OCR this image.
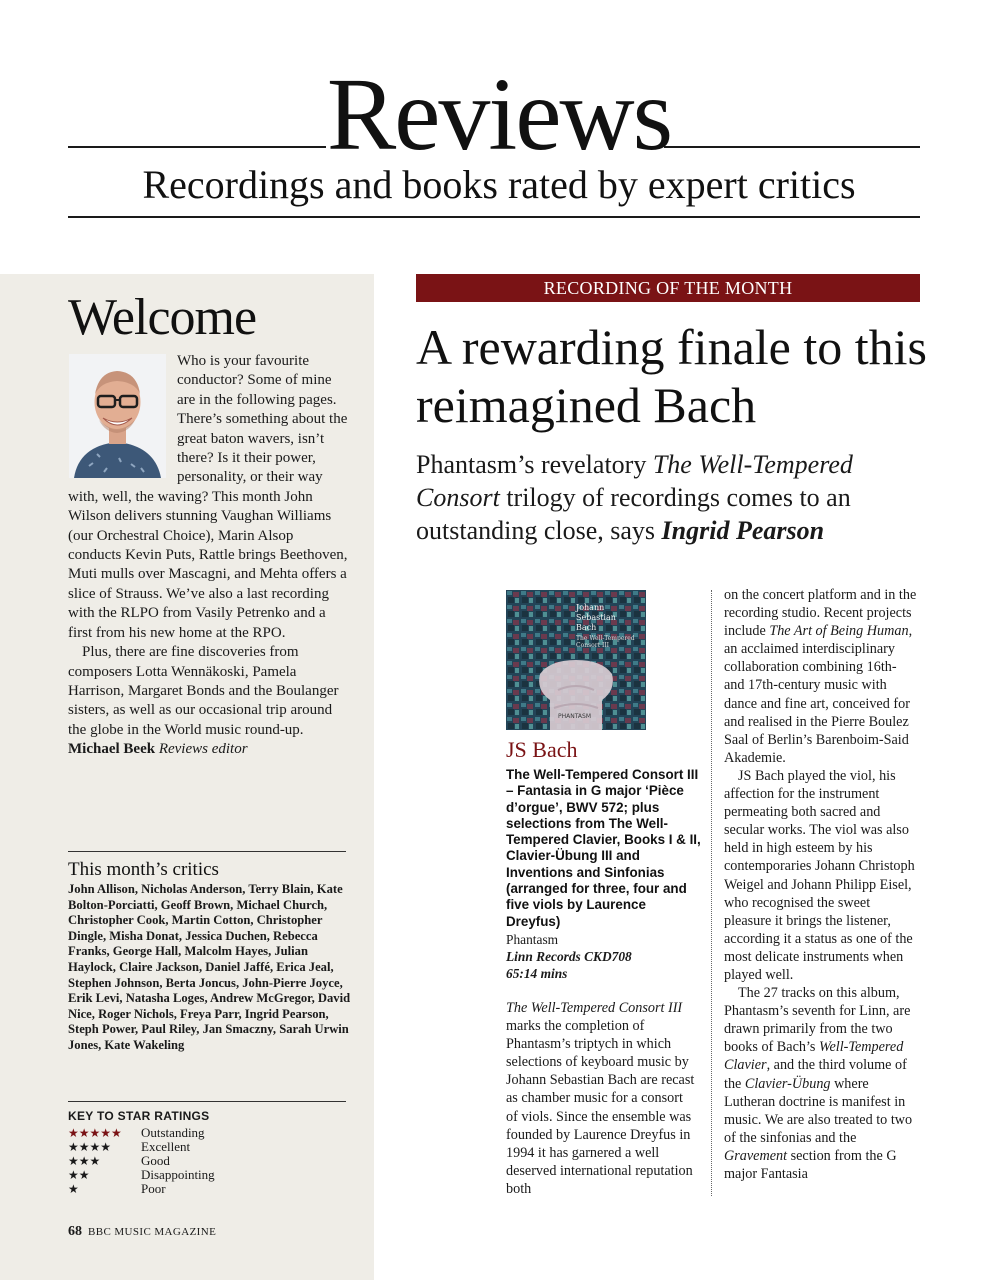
Reviews
Recordings and books rated by expert critics
Welcome

Who is your favourite conductor? Some of mine are in the following pages. There’s something about the great baton wavers, isn’t there? Is it their power, personality, or their way with, well, the waving? This month John Wilson delivers stunning Vaughan Williams (our Orchestral Choice), Marin Alsop conducts Kevin Puts, Rattle brings Beethoven, Muti mulls over Mascagni, and Mehta offers a slice of Strauss. We’ve also a last recording with the RLPO from Vasily Petrenko and a first from his new home at the RPO.

Plus, there are fine discoveries from composers Lotta Wennäkoski, Pamela Harrison, Margaret Bonds and the Boulanger sisters, as well as our occasional trip around the globe in the World music round-up.

Michael Beek Reviews editor

This month’s critics

John Allison, Nicholas Anderson, Terry Blain, Kate Bolton-Porciatti, Geoff Brown, Michael Church, Christopher Cook, Martin Cotton, Christopher Dingle, Misha Donat, Jessica Duchen, Rebecca Franks, George Hall, Malcolm Hayes, Julian Haylock, Claire Jackson, Daniel Jaffé, Erica Jeal, Stephen Johnson, Berta Joncus, John-Pierre Joyce, Erik Levi, Natasha Loges, Andrew McGregor, David Nice, Roger Nichols, Freya Parr, Ingrid Pearson, Steph Power, Paul Riley, Jan Smaczny, Sarah Urwin Jones, Kate Wakeling

KEY TO STAR RATINGS
★★★★★	Outstanding
★★★★	Excellent
★★★	Good
★★	Disappointing
★	Poor
68 BBC MUSIC MAGAZINE
RECORDING OF THE MONTH
A rewarding finale to this reimagined Bach

Phantasm’s revelatory The Well-Tempered Consort trilogy of recordings comes to an outstanding close, says Ingrid Pearson

Johann
Sebastian
Bach
The Well-Tempered
Consort III
PHANTASM
JS Bach

The Well-Tempered Consort III – Fantasia in G major ‘Pièce d’orgue’, BWV 572; plus selections from The Well-Tempered Clavier, Books I & II, Clavier-Übung III and Inventions and Sinfonias (arranged for three, four and five viols by Laurence Dreyfus)

Phantasm
Linn Records CKD708
65:14 mins

The Well-Tempered Consort III marks the completion of Phantasm’s triptych in which selections of keyboard music by Johann Sebastian Bach are recast as chamber music for a consort of viols. Since the ensemble was founded by Laurence Dreyfus in 1994 it has garnered a well deserved international reputation both

on the concert platform and in the recording studio. Recent projects include The Art of Being Human, an acclaimed interdisciplinary collaboration combining 16th- and 17th-century music with dance and fine art, conceived for and realised in the Pierre Boulez Saal of Berlin’s Barenboim-Said Akademie.
JS Bach played the viol, his affection for the instrument permeating both sacred and secular works. The viol was also held in high esteem by his contemporaries Johann Christoph Weigel and Johann Philipp Eisel, who recognised the sweet pleasure it brings the listener, according it a status as one of the most delicate instruments when played well.
The 27 tracks on this album, Phantasm’s seventh for Linn, are drawn primarily from the two books of Bach’s Well-Tempered Clavier, and the third volume of the Clavier-Übung where Lutheran doctrine is manifest in music. We are also treated to two of the sinfonias and the Gravement section from the G major Fantasia
